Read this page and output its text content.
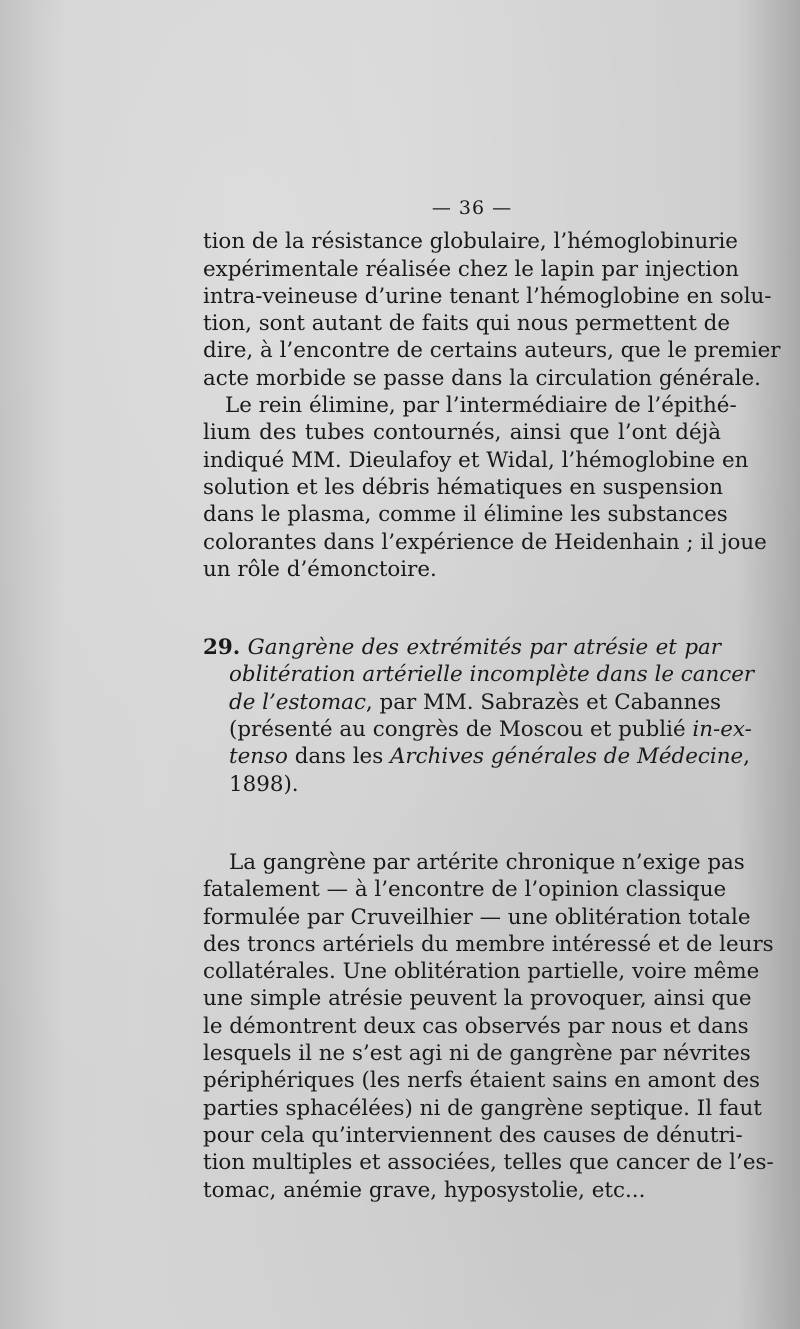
— 36 —

tion de la résistance globulaire, l’hémoglobinurie
expérimentale réalisée chez le lapin par injection
intra-veineuse d’urine tenant l’hémoglobine en solu-
tion, sont autant de faits qui nous permettent de
dire, à l’encontre de certains auteurs, que le premier
acte morbide se passe dans la circulation générale.

Le rein élimine, par l’intermédiaire de l’épithé-
lium des tubes contournés, ainsi que l’ont déjà
indiqué MM. Dieulafoy et Widal, l’hémoglobine en
solution et les débris hématiques en suspension
dans le plasma, comme il élimine les substances
colorantes dans l’expérience de Heidenhain ; il joue
un rôle d’émonctoire.

29. Gangrène des extrémités par atrésie et par
oblitération artérielle incomplète dans le cancer
de l’estomac, par MM. Sabrazès et Cabannes
(présenté au congrès de Moscou et publié in-ex-
tenso dans les Archives générales de Médecine,
1898).

La gangrène par artérite chronique n’exige pas
fatalement — à l’encontre de l’opinion classique
formulée par Cruveilhier — une oblitération totale
des troncs artériels du membre intéressé et de leurs
collatérales. Une oblitération partielle, voire même
une simple atrésie peuvent la provoquer, ainsi que
le démontrent deux cas observés par nous et dans
lesquels il ne s’est agi ni de gangrène par névrites
périphériques (les nerfs étaient sains en amont des
parties sphacélées) ni de gangrène septique. Il faut
pour cela qu’interviennent des causes de dénutri-
tion multiples et associées, telles que cancer de l’es-
tomac, anémie grave, hyposystolie, etc...
